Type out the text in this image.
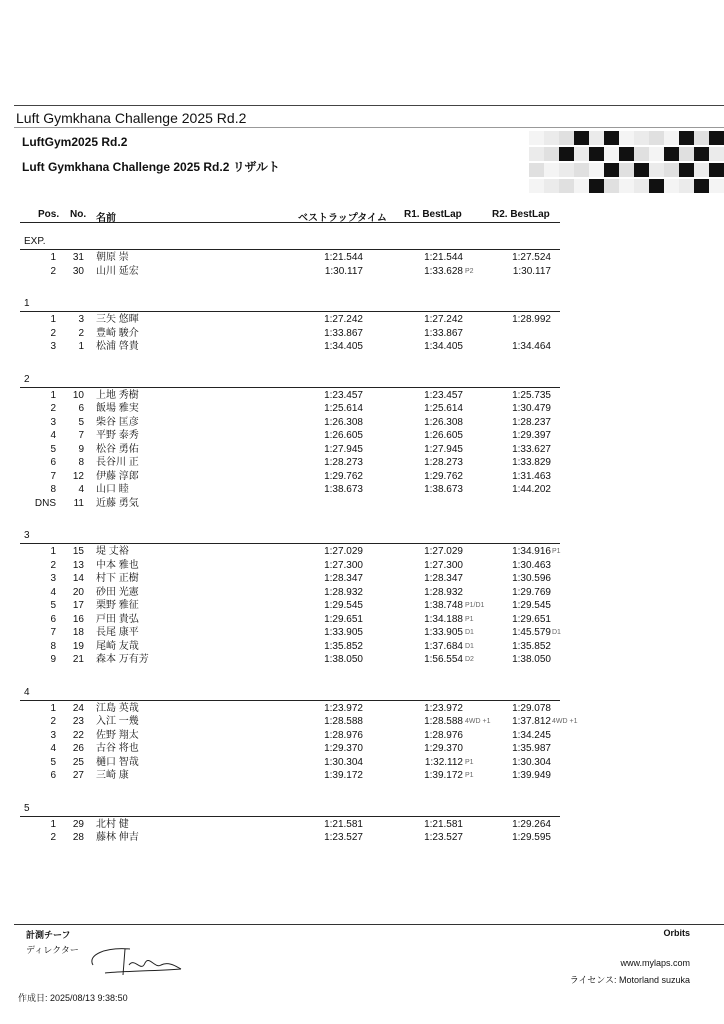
Luft Gymkhana Challenge 2025 Rd.2
LuftGym2025 Rd.2
Luft Gymkhana Challenge 2025 Rd.2 リザルト
Pos. No. 名前	ベストラップタイム R1. BestLap	R2. BestLap
EXP.
1 31 朝原 崇	1:21.544	1:21.544	1:27.524
2 30 山川 延宏	1:30.117	1:33.628 P2	1:30.117
1
1 3 三矢 悠暉	1:27.242	1:27.242	1:28.992
2 2 豊崎 駿介	1:33.867	1:33.867
3 1 松浦 啓貴	1:34.405	1:34.405	1:34.464
2
1 10 上地 秀樹	1:23.457	1:23.457	1:25.735
2 6 飯場 雅実	1:25.614	1:25.614	1:30.479
3 5 柴谷 匡彦	1:26.308	1:26.308	1:28.237
4 7 平野 泰秀	1:26.605	1:26.605	1:29.397
5 9 松谷 勇佑	1:27.945	1:27.945	1:33.627
6 8 長谷川 正	1:28.273	1:28.273	1:33.829
7 12 伊藤 淳郎	1:29.762	1:29.762	1:31.463
8 4 山口 睦	1:38.673	1:38.673	1:44.202
DNS 11 近藤 勇気
3
1 15 堤 丈裕	1:27.029	1:27.029	1:34.916 P1
2 13 中本 雅也	1:27.300	1:27.300	1:30.463
3 14 村下 正樹	1:28.347	1:28.347	1:30.596
4 20 砂田 光憲	1:28.932	1:28.932	1:29.769
5 17 栗野 雅征	1:29.545	1:38.748 P1/D1	1:29.545
6 16 戸田 貴弘	1:29.651	1:34.188 P1	1:29.651
7 18 長尾 康平	1:33.905	1:33.905 D1	1:45.579 D1
8 19 尾崎 友哉	1:35.852	1:37.684 D1	1:35.852
9 21 森本 万有芳	1:38.050	1:56.554 D2	1:38.050
4
1 24 江島 英哉	1:23.972	1:23.972	1:29.078
2 23 入江 一幾	1:28.588	1:28.588 4WD +1 1:37.812 4WD +1
3 22 佐野 翔太	1:28.976	1:28.976	1:34.245
4 26 古谷 将也	1:29.370	1:29.370	1:35.987
5 25 樋口 智哉	1:30.304	1:32.112 P1	1:30.304
6 27 三崎 康	1:39.172	1:39.172 P1	1:39.949
5
1 29 北村 健	1:21.581	1:21.581	1:29.264
2 28 藤林 伸吉	1:23.527	1:23.527	1:29.595
計測チーフ	Orbits
ディレクター
www.mylaps.com
ライセンス: Motorland suzuka
作成日: 2025/08/13 9:38:50
